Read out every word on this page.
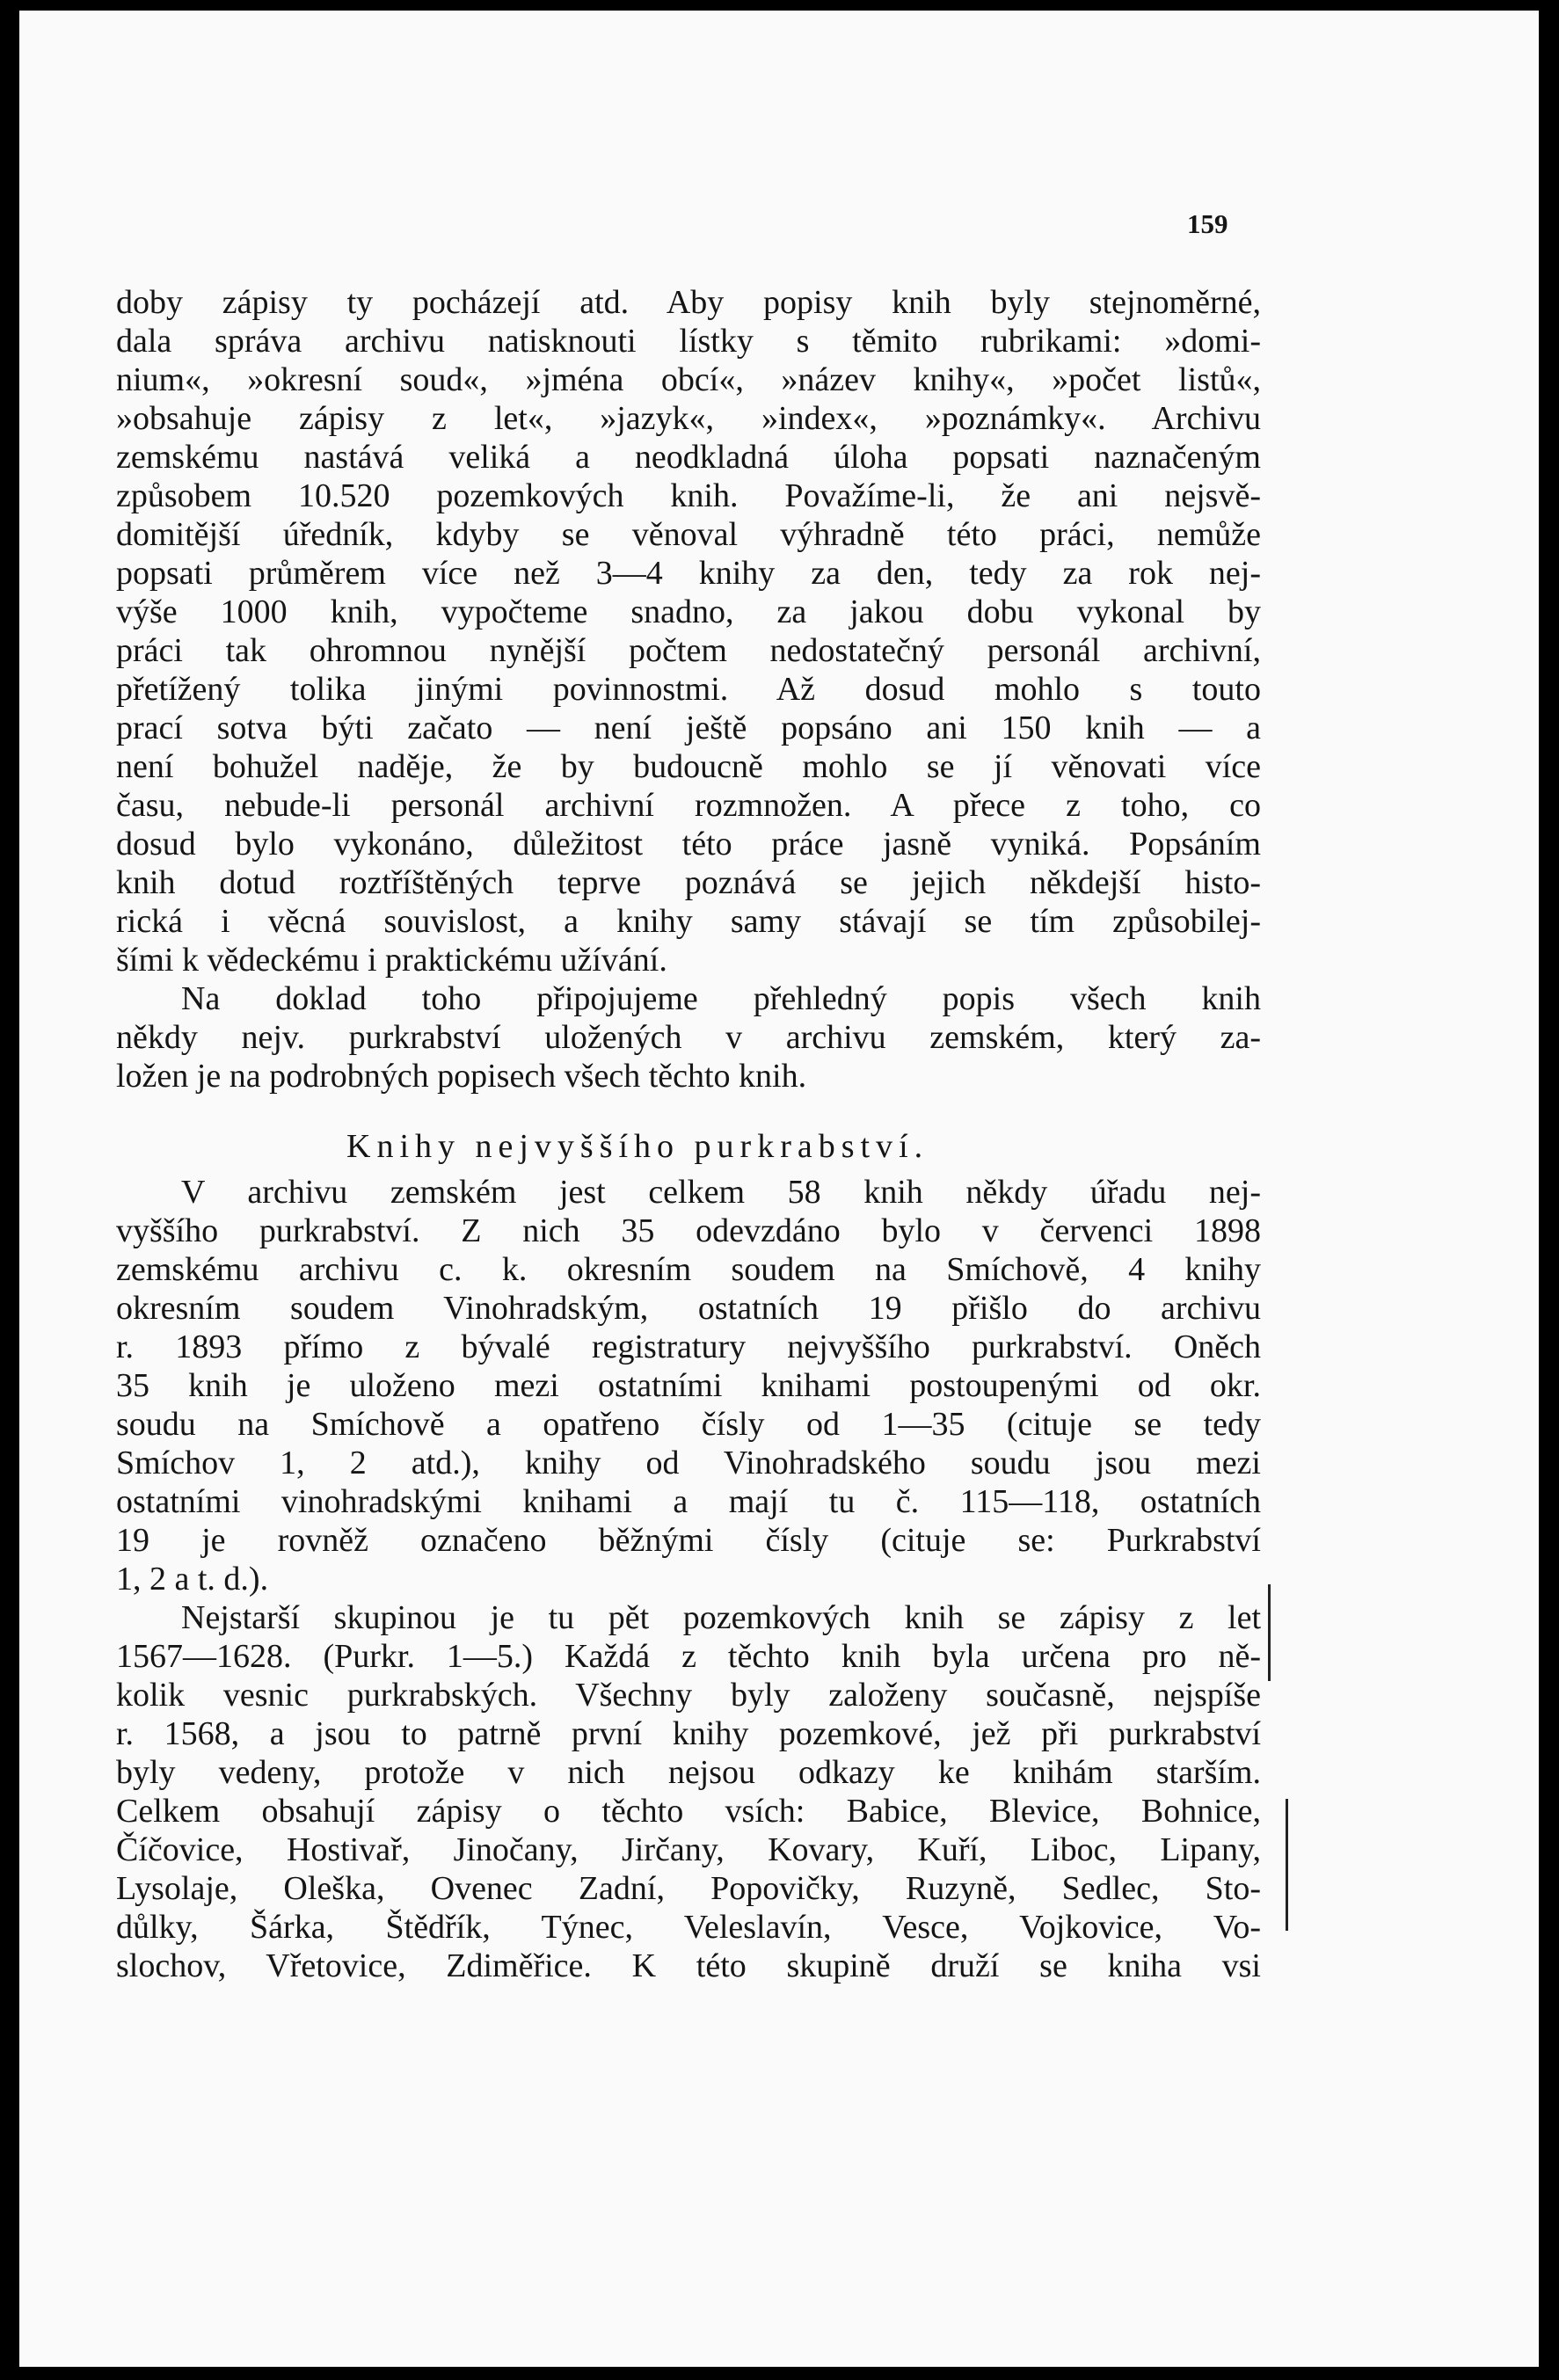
159

doby zápisy ty pocházejí atd. Aby popisy knih byly stejnoměrné,

dala správa archivu natisknouti lístky s těmito rubrikami: »domi-

nium«, »okresní soud«, »jména obcí«, »název knihy«, »počet listů«,

»obsahuje zápisy z let«, »jazyk«, »index«, »poznámky«. Archivu

zemskému nastává veliká a neodkladná úloha popsati naznačeným

způsobem 10.520 pozemkových knih. Považíme-li, že ani nejsvě-

domitější úředník, kdyby se věnoval výhradně této práci, nemůže

popsati průměrem více než 3—4 knihy za den, tedy za rok nej-

výše 1000 knih, vypočteme snadno, za jakou dobu vykonal by

práci tak ohromnou nynější počtem nedostatečný personál archivní,

přetížený tolika jinými povinnostmi. Až dosud mohlo s touto

prací sotva býti začato — není ještě popsáno ani 150 knih — a

není bohužel naděje, že by budoucně mohlo se jí věnovati více

času, nebude-li personál archivní rozmnožen. A přece z toho, co

dosud bylo vykonáno, důležitost této práce jasně vyniká. Popsáním

knih dotud roztříštěných teprve poznává se jejich někdejší histo-

rická i věcná souvislost, a knihy samy stávají se tím způsobilej-

šími k vědeckému i praktickému užívání.

Na doklad toho připojujeme přehledný popis všech knih

někdy nejv. purkrabství uložených v archivu zemském, který za-

ložen je na podrobných popisech všech těchto knih.

Knihy nejvyššího purkrabství.

V archivu zemském jest celkem 58 knih někdy úřadu nej-

vyššího purkrabství. Z nich 35 odevzdáno bylo v červenci 1898

zemskému archivu c. k. okresním soudem na Smíchově, 4 knihy

okresním soudem Vinohradským, ostatních 19 přišlo do archivu

r. 1893 přímo z bývalé registratury nejvyššího purkrabství. Oněch

35 knih je uloženo mezi ostatními knihami postoupenými od okr.

soudu na Smíchově a opatřeno čísly od 1—35 (cituje se tedy

Smíchov 1, 2 atd.), knihy od Vinohradského soudu jsou mezi

ostatními vinohradskými knihami a mají tu č. 115—118, ostatních

19 je rovněž označeno běžnými čísly (cituje se: Purkrabství

1, 2 a t. d.).

Nejstarší skupinou je tu pět pozemkových knih se zápisy z let

1567—1628. (Purkr. 1—5.) Každá z těchto knih byla určena pro ně-

kolik vesnic purkrabských. Všechny byly založeny současně, nejspíše

r. 1568, a jsou to patrně první knihy pozemkové, jež při purkrabství

byly vedeny, protože v nich nejsou odkazy ke knihám starším.

Celkem obsahují zápisy o těchto vsích: Babice, Blevice, Bohnice,

Číčovice, Hostivař, Jinočany, Jirčany, Kovary, Kuří, Liboc, Lipany,

Lysolaje, Oleška, Ovenec Zadní, Popovičky, Ruzyně, Sedlec, Sto-

důlky, Šárka, Štědřík, Týnec, Veleslavín, Vesce, Vojkovice, Vo-

slochov, Vřetovice, Zdiměřice. K této skupině druží se kniha vsi
